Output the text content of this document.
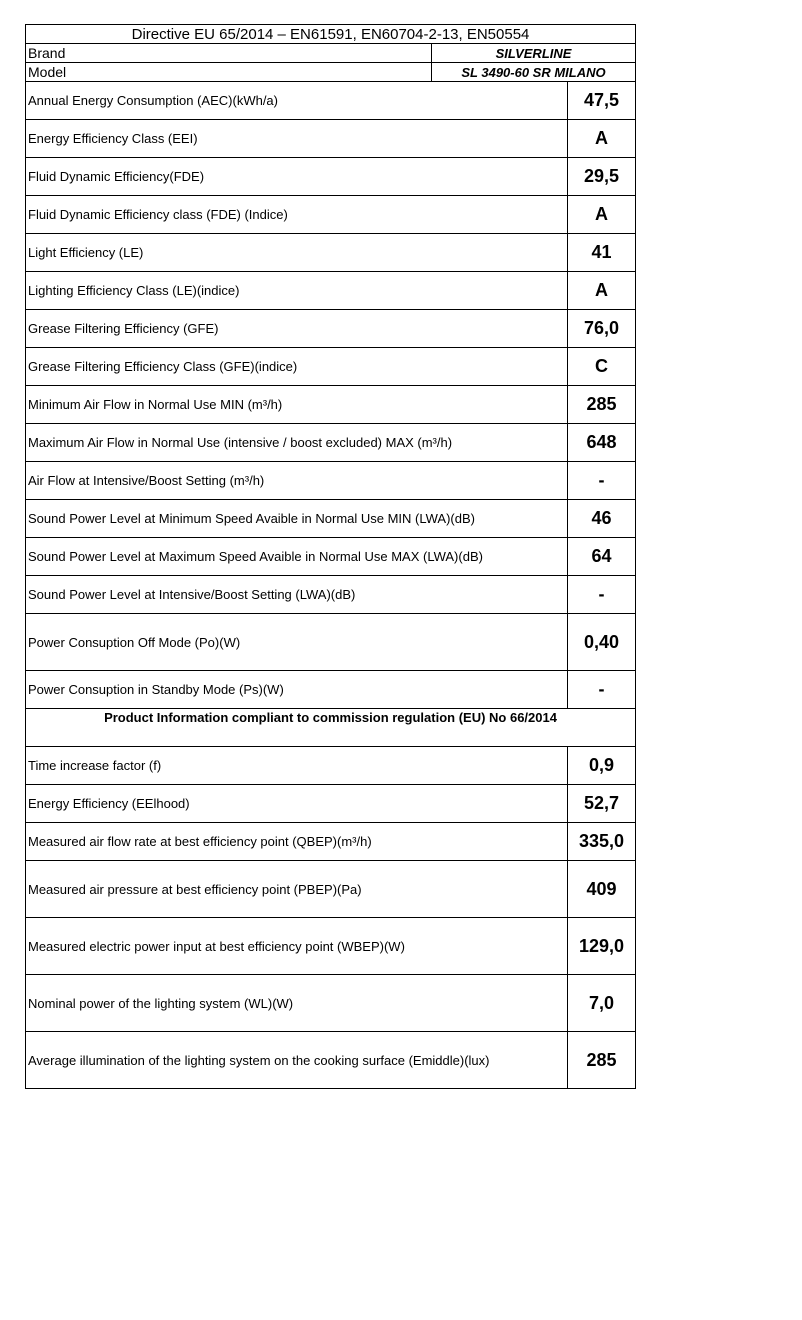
Directive EU 65/2014 – EN61591, EN60704-2-13, EN50554		
Brand	SILVERLINE	
Model	SL 3490-60 SR MILANO	
Annual Energy Consumption (AEC)(kWh/a)		47,5
Energy Efficiency Class (EEI)		A
Fluid Dynamic Efficiency(FDE)		29,5
Fluid Dynamic Efficiency class (FDE) (Indice)		A
Light Efficiency (LE)		41
Lighting Efficiency Class (LE)(indice)		A
Grease Filtering Efficiency (GFE)		76,0
Grease Filtering Efficiency Class (GFE)(indice)		C
Minimum Air Flow in Normal Use MIN (m³/h)		285
Maximum Air Flow in Normal Use (intensive / boost excluded) MAX (m³/h)		648
Air Flow at Intensive/Boost Setting (m³/h)		-
Sound Power Level at Minimum Speed Avaible in Normal Use MIN (LWA)(dB)		46
Sound Power Level at Maximum Speed Avaible in Normal Use MAX (LWA)(dB)		64
Sound Power Level at Intensive/Boost Setting (LWA)(dB)		-
Power Consuption Off Mode (Po)(W)		0,40
Power Consuption in Standby Mode (Ps)(W)		-
Product Information compliant to commission regulation (EU) No 66/2014		
Time increase factor (f)		0,9
Energy Efficiency (EElhood)		52,7
Measured air flow rate at best efficiency point (QBEP)(m³/h)		335,0
Measured air pressure at best efficiency point (PBEP)(Pa)		409
Measured electric power input at best efficiency point (WBEP)(W)		129,0
Nominal power of the lighting system (WL)(W)		7,0
Average illumination of the lighting system on the cooking surface (Emiddle)(lux)		285
